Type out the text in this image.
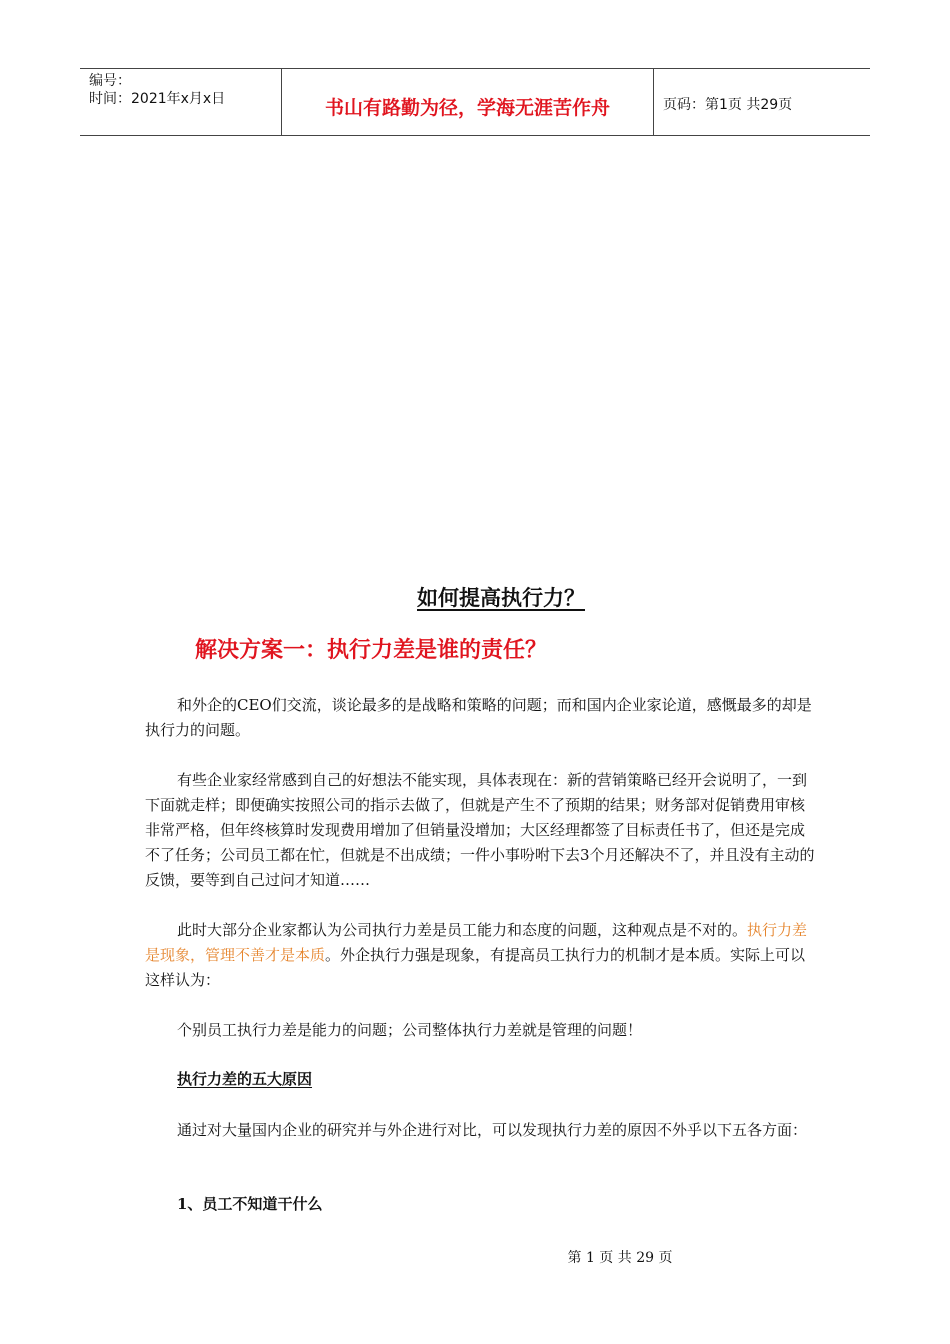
编号：
时间：2021年x月x日	书山有路勤为径，学海无涯苦作舟	页码：第1页 共29页
如何提高执行力？
解决方案一：执行力差是谁的责任？

和外企的CEO们交流，谈论最多的是战略和策略的问题；而和国内企业家论道，感慨最多的却是执行力的问题。

有些企业家经常感到自己的好想法不能实现，具体表现在：新的营销策略已经开会说明了，一到下面就走样；即便确实按照公司的指示去做了，但就是产生不了预期的结果；财务部对促销费用审核非常严格，但年终核算时发现费用增加了但销量没增加；大区经理都签了目标责任书了，但还是完成不了任务；公司员工都在忙，但就是不出成绩；一件小事吩咐下去3个月还解决不了，并且没有主动的反馈，要等到自己过问才知道……

此时大部分企业家都认为公司执行力差是员工能力和态度的问题，这种观点是不对的。执行力差是现象，管理不善才是本质。外企执行力强是现象，有提高员工执行力的机制才是本质。实际上可以这样认为：

个别员工执行力差是能力的问题；公司整体执行力差就是管理的问题！

执行力差的五大原因

通过对大量国内企业的研究并与外企进行对比，可以发现执行力差的原因不外乎以下五各方面：

1、员工不知道干什么
第 1 页 共 29 页
